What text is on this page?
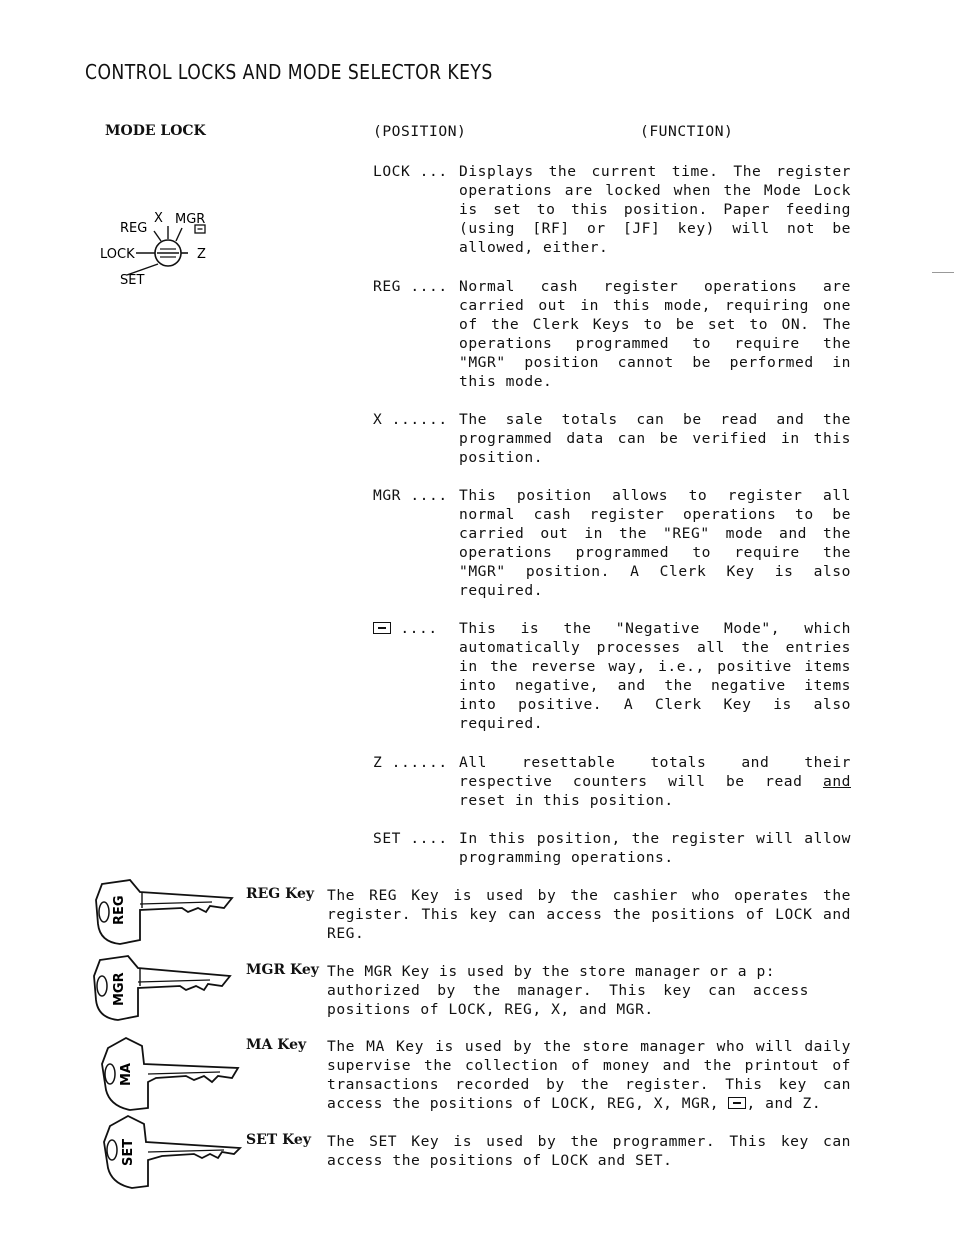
CONTROL LOCKS AND MODE SELECTOR KEYS
MODE LOCK	(POSITION)	(FUNCTION)
REG
X MGR
LOCK	Z
SET
LOCK ... Displays the current time. The register operations are locked when the Mode Lock is set to this position. Paper feeding (using [RF] or [JF] key) will not be allowed, either.
REG .... Normal cash register operations are carried out in this mode, requiring one of the Clerk Keys to be set to ON. The operations programmed to require the "MGR" position cannot be performed in this mode.
X ...... The sale totals can be read and the programmed data can be verified in this position.
MGR .... This position allows to register all normal cash register operations to be carried out in the "REG" mode and the operations programmed to require the "MGR" position. A Clerk Key is also required.
.... This is the "Negative Mode", which automatically processes all the entries in the reverse way, i.e., positive items into negative, and the negative items into positive. A Clerk Key is also required.
Z ...... All resettable totals and their respective counters will be read and reset in this position.
SET .... In this position, the register will allow programming operations.
REG
MGR
MA
SET
REG Key The REG Key is used by the cashier who operates the register. This key can access the positions of LOCK and REG.
MGR Key The MGR Key is used by the store manager or a p:
authorized by the manager. This key can access positions of LOCK, REG, X, and MGR.
MA Key The MA Key is used by the store manager who will daily supervise the collection of money and the printout of transactions recorded by the register. This key can access the positions of LOCK, REG, X, MGR, , and Z.
SET Key The SET Key is used by the programmer. This key can access the positions of LOCK and SET.
